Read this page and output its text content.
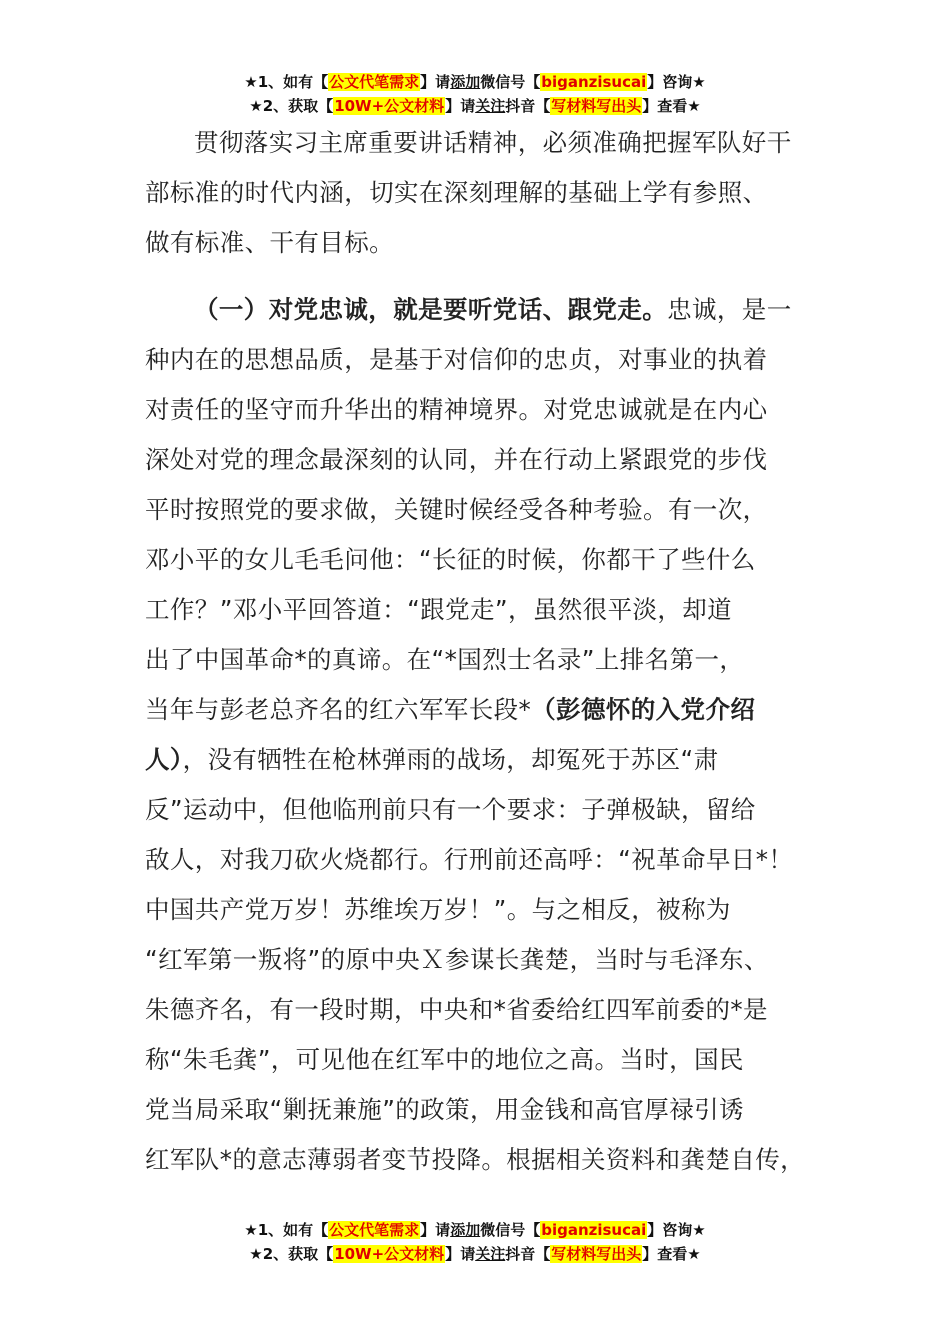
★1、如有【公文代笔需求】请添加微信号【biganzisucai】咨询★
★2、获取【10W+公文材料】请关注抖音【写材料写出头】查看★
贯彻落实习主席重要讲话精神，必须准确把握军队好干
部标准的时代内涵，切实在深刻理解的基础上学有参照、
做有标准、干有目标。
（一）对党忠诚，就是要听党话、跟党走。忠诚，是一
种内在的思想品质，是基于对信仰的忠贞，对事业的执着
对责任的坚守而升华出的精神境界。对党忠诚就是在内心
深处对党的理念最深刻的认同，并在行动上紧跟党的步伐
平时按照党的要求做，关键时候经受各种考验。有一次，
邓小平的女儿毛毛问他：“长征的时候，你都干了些什么
工作？”邓小平回答道：“跟党走”，虽然很平淡，却道
出了中国革命*的真谛。在“*国烈士名录”上排名第一，
当年与彭老总齐名的红六军军长段*（彭德怀的入党介绍
人），没有牺牲在枪林弹雨的战场，却冤死于苏区“肃
反”运动中，但他临刑前只有一个要求：子弹极缺，留给
敌人，对我刀砍火烧都行。行刑前还高呼：“祝革命早日*！
中国共产党万岁！苏维埃万岁！”。与之相反，被称为
“红军第一叛将”的原中央Ｘ参谋长龚楚，当时与毛泽东、
朱德齐名，有一段时期，中央和*省委给红四军前委的*是
称“朱毛龚”，可见他在红军中的地位之高。当时，国民
党当局采取“剿抚兼施”的政策，用金钱和高官厚禄引诱
红军队*的意志薄弱者变节投降。根据相关资料和龚楚自传，
★1、如有【公文代笔需求】请添加微信号【biganzisucai】咨询★
★2、获取【10W+公文材料】请关注抖音【写材料写出头】查看★
